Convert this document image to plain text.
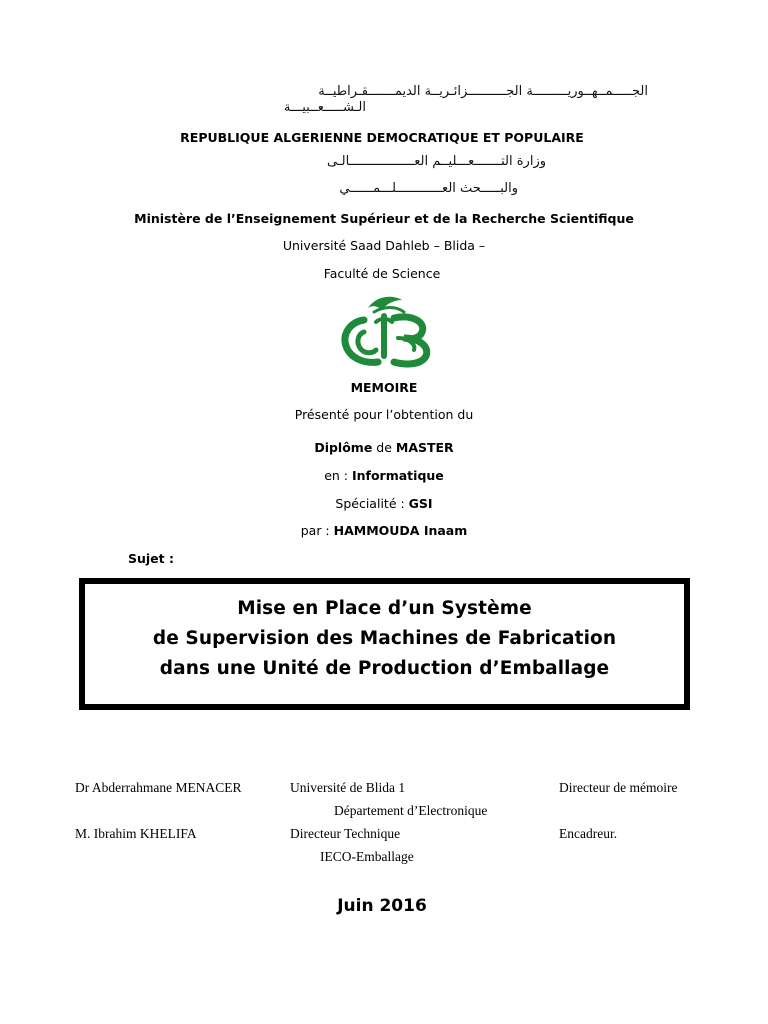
الجـــــمــهــوريـــــــــة الجــــــــــزائـريــة الديمـــــــقـراطيــة
الـشـــــعــبيـــة
REPUBLIQUE ALGERIENNE DEMOCRATIQUE ET POPULAIRE
وزارة التـــــــعـــليــم العـــــــــــــــــالـى
والبـــــحث العــــــــــــلـــمــــــي
Ministère de l’Enseignement Supérieur et de la Recherche Scientifique
Université Saad Dahleb – Blida –
Faculté de Science
MEMOIRE
Présenté pour l’obtention du
Diplôme de MASTER
en : Informatique
Spécialité : GSI
par : HAMMOUDA Inaam
Sujet :
Mise en Place d’un Système
de Supervision des Machines de Fabrication
dans une Unité de Production d’Emballage
Dr Abderrahmane MENACER	Université de Blida 1	Directeur de mémoire
Département d’Electronique
M. Ibrahim KHELIFA	Directeur Technique	Encadreur.
IECO-Emballage
Juin 2016
